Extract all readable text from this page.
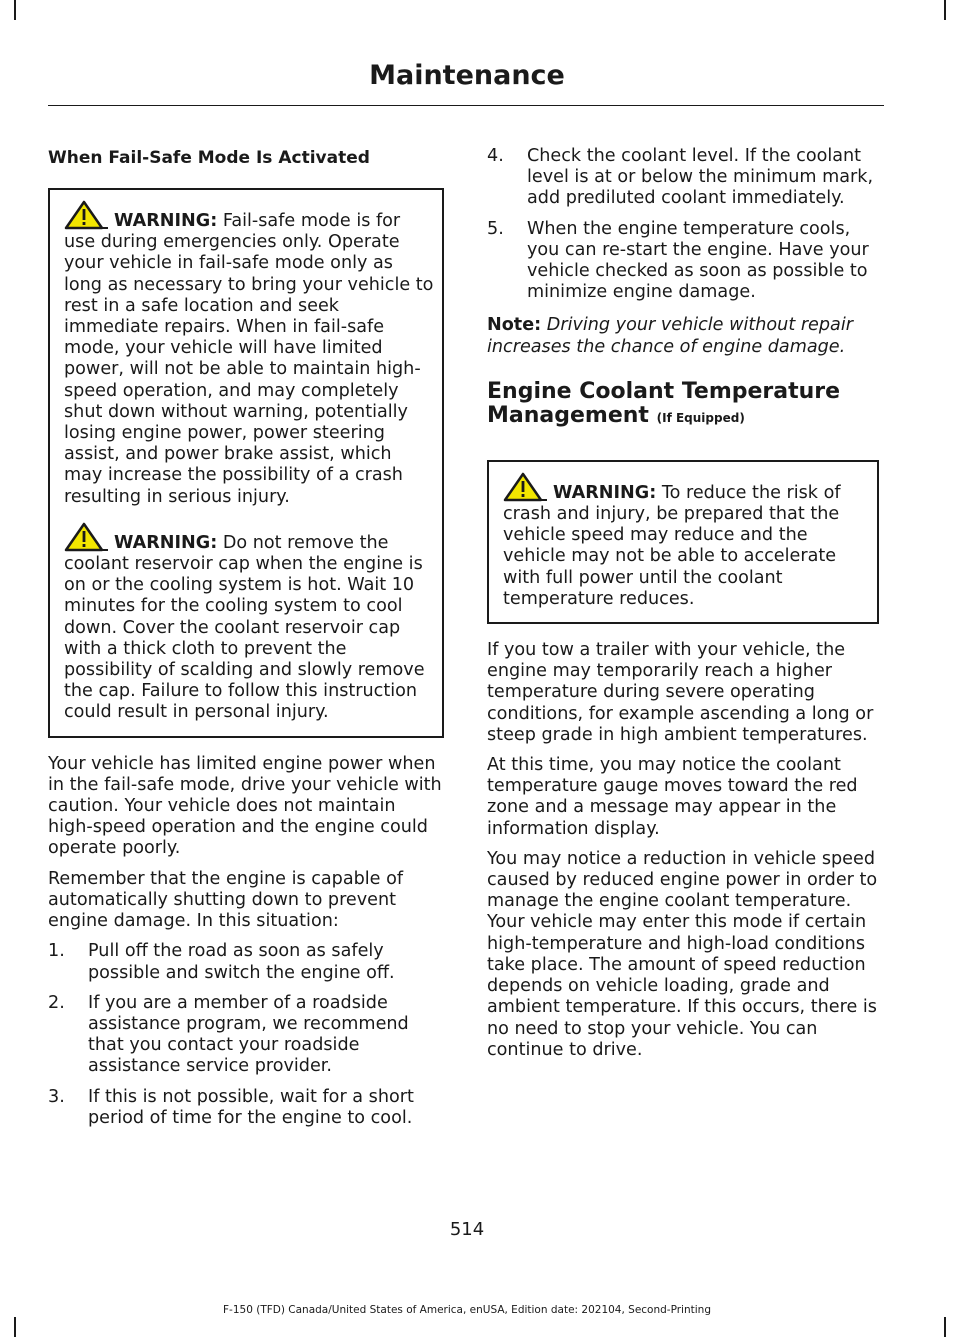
Maintenance
When Fail-Safe Mode Is Activated

WARNING: Fail-safe mode is for use during emergencies only. Operate your vehicle in fail-safe mode only as long as necessary to bring your vehicle to rest in a safe location and seek immediate repairs. When in fail-safe mode, your vehicle will have limited power, will not be able to maintain high-speed operation, and may completely shut down without warning, potentially losing engine power, power steering assist, and power brake assist, which may increase the possibility of a crash resulting in serious injury.

WARNING: Do not remove the coolant reservoir cap when the engine is on or the cooling system is hot. Wait 10 minutes for the cooling system to cool down. Cover the coolant reservoir cap with a thick cloth to prevent the possibility of scalding and slowly remove the cap. Failure to follow this instruction could result in personal injury.

Your vehicle has limited engine power when in the fail-safe mode, drive your vehicle with caution. Your vehicle does not maintain high-speed operation and the engine could operate poorly.

Remember that the engine is capable of automatically shutting down to prevent engine damage. In this situation:

1. Pull off the road as soon as safely possible and switch the engine off.
2. If you are a member of a roadside assistance program, we recommend that you contact your roadside assistance service provider.
3. If this is not possible, wait for a short period of time for the engine to cool.
4. Check the coolant level. If the coolant level is at or below the minimum mark, add prediluted coolant immediately.
5. When the engine temperature cools, you can re-start the engine. Have your vehicle checked as soon as possible to minimize engine damage.

Note: Driving your vehicle without repair increases the chance of engine damage.

Engine Coolant Temperature Management (If Equipped)

WARNING: To reduce the risk of crash and injury, be prepared that the vehicle speed may reduce and the vehicle may not be able to accelerate with full power until the coolant temperature reduces.

If you tow a trailer with your vehicle, the engine may temporarily reach a higher temperature during severe operating conditions, for example ascending a long or steep grade in high ambient temperatures.

At this time, you may notice the coolant temperature gauge moves toward the red zone and a message may appear in the information display.

You may notice a reduction in vehicle speed caused by reduced engine power in order to manage the engine coolant temperature. Your vehicle may enter this mode if certain high-temperature and high-load conditions take place. The amount of speed reduction depends on vehicle loading, grade and ambient temperature. If this occurs, there is no need to stop your vehicle. You can continue to drive.

514
F-150 (TFD) Canada/United States of America, enUSA, Edition date: 202104, Second-Printing
